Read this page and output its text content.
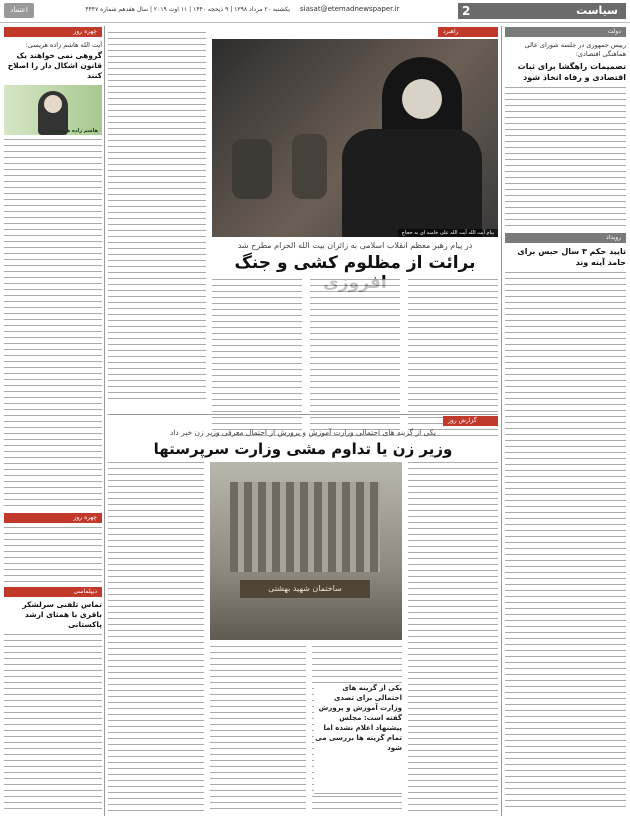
سیاست
2
siasat@etemadnewspaper.ir
یکشنبه ۲۰ مرداد ۱۳۹۸ | ۹ ذیحجه ۱۴۴۰ | ۱۱ اوت ۲۰۱۹ | سال هفدهم شماره ۴۴۴۷
اعتماد
دولت
رییس جمهوری در جلسه شورای عالی هماهنگی اقتصادی:
تصمیمات راهگشا برای ثبات اقتصادی و رفاه اتخاذ شود
رویداد
تایید حکم ۳ سال حبس برای حامد آینه وند
راهبرد
پیام آیت الله آیت الله علی خامنه ای به حجاج
در پیام رهبر معظم انقلاب اسلامی به زائران بیت الله الحرام مطرح شد
برائت از مظلوم کشی و جنگ
گزارش روز
یکی از گزینه های احتمالی وزارت آموزش و پرورش از احتمال معرفی وزیر زن خبر داد
وزیر زن یا تداوم مشی وزارت سرپرستها
ساختمان شهید بهشتی
یکی از گزینه های احتمالی برای تصدی وزارت آموزش و پرورش گفته است: مجلس پیشنهاد اعلام نشده اما تمام گزینه ها بررسی می شود
چهره روز
آیت الله هاشم زاده هریسی:
گروهی نمی خواهند یک قانون اشکال دار را اصلاح کنند
هاشم زاده هریسی
چهره روز
دیپلماسی
تماس تلفنی سرلشکر باقری با همتای ارشد پاکستانی
